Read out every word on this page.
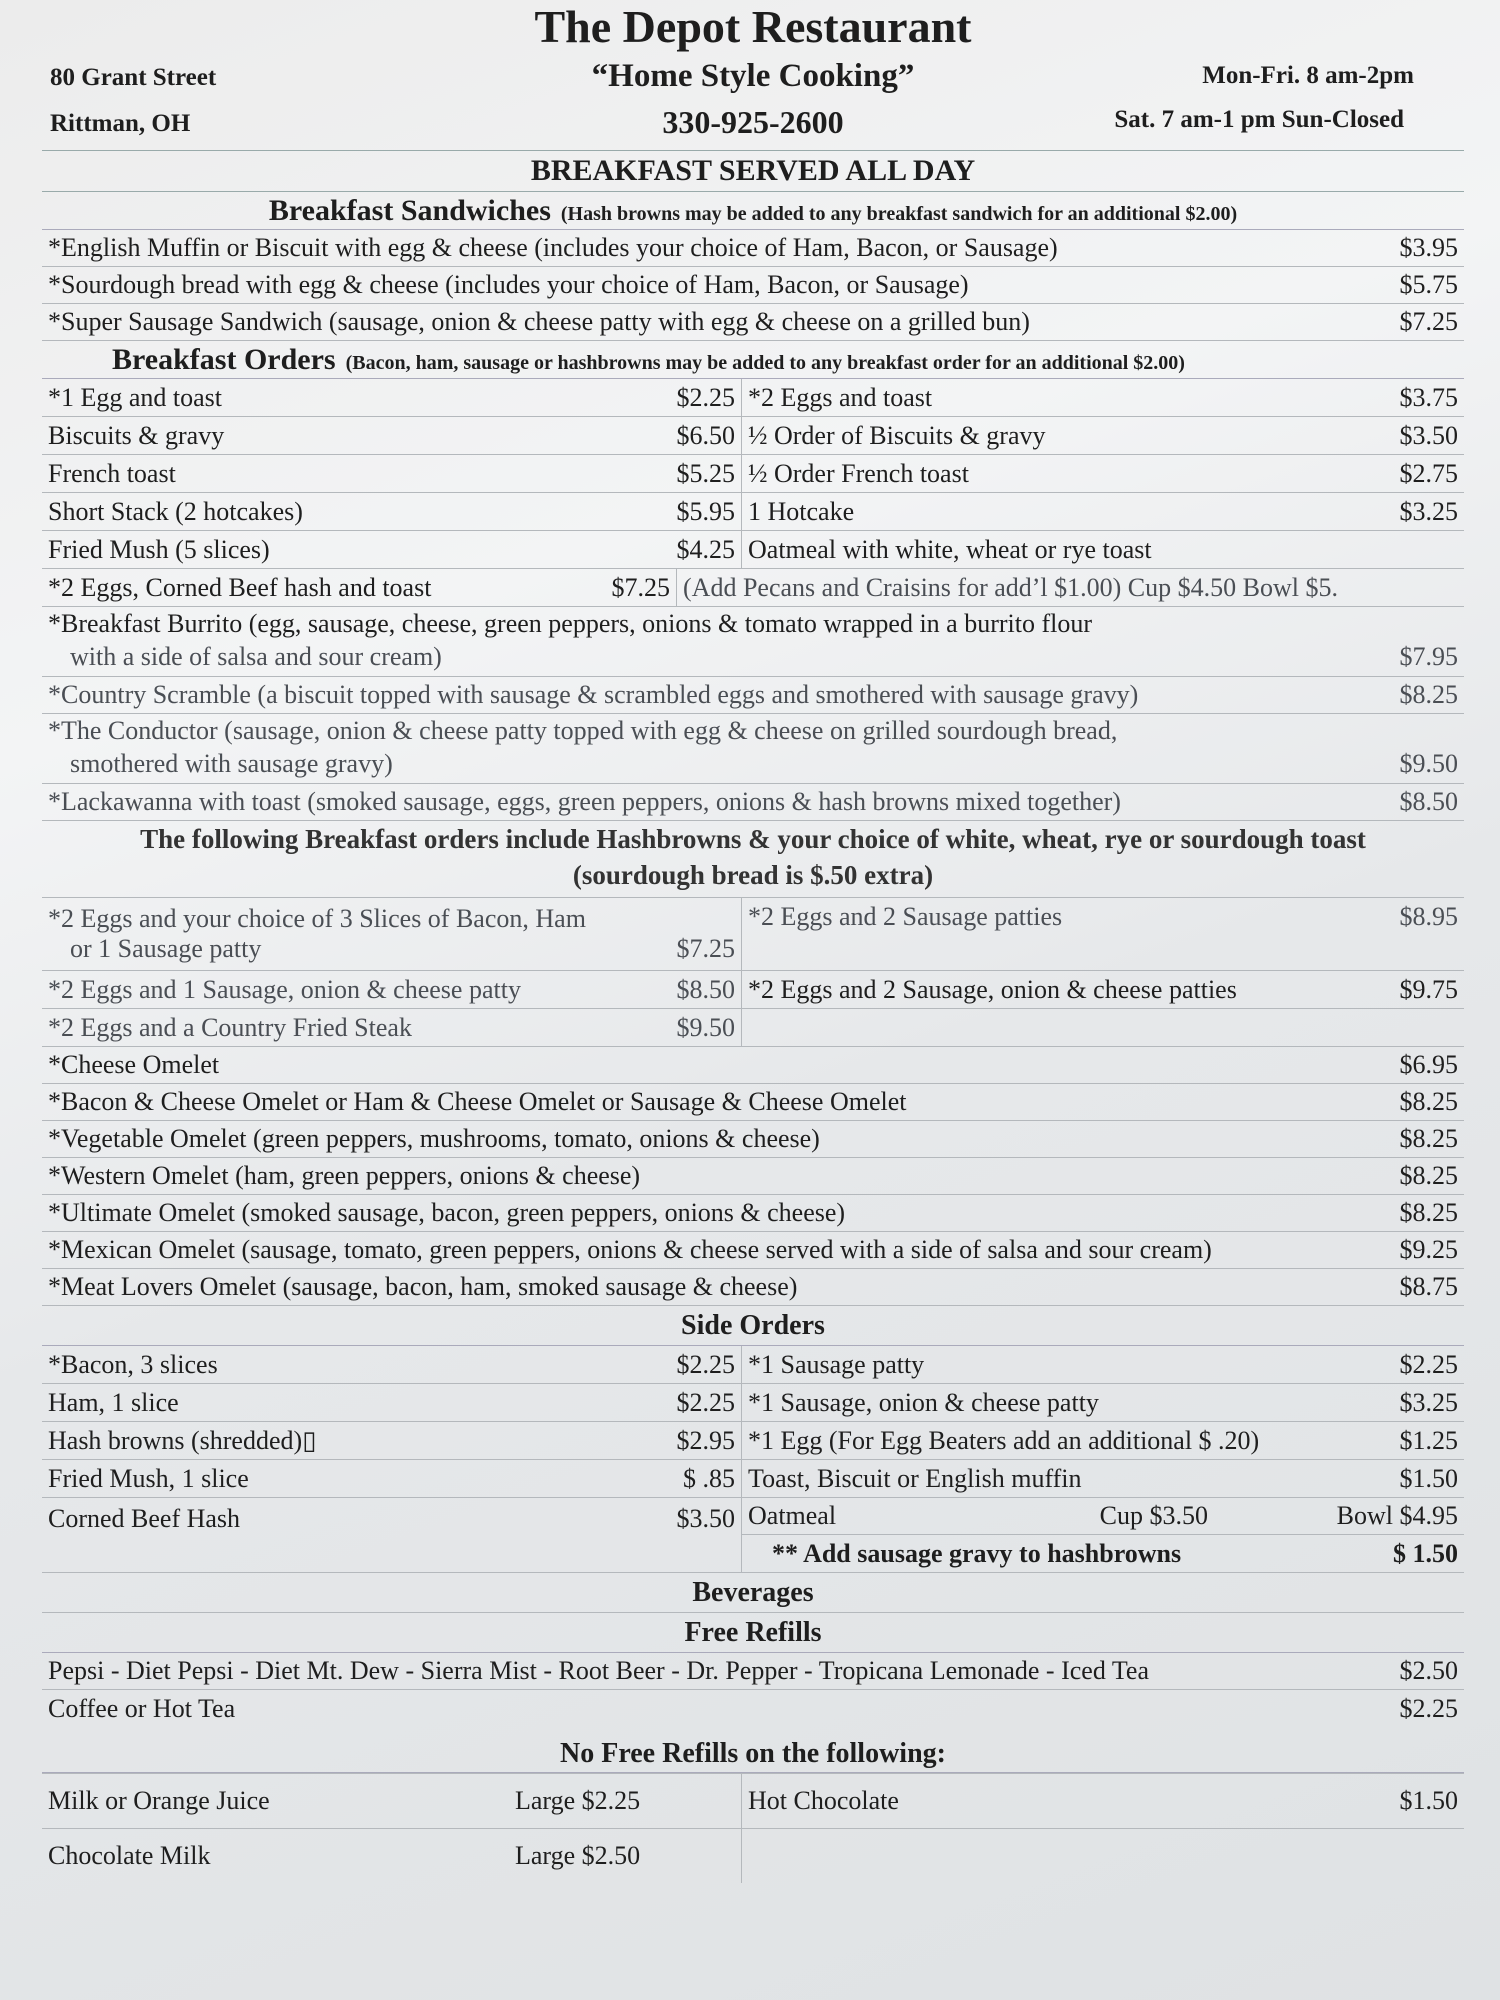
The Depot Restaurant
“Home Style Cooking”
330-925-2600
80 Grant Street
Rittman, OH
Mon-Fri. 8 am-2pm
Sat. 7 am-1 pm Sun-Closed
BREAKFAST SERVED ALL DAY
Breakfast Sandwiches (Hash browns may be added to any breakfast sandwich for an additional $2.00)
*English Muffin or Biscuit with egg & cheese (includes your choice of Ham, Bacon, or Sausage)	$3.95
*Sourdough bread with egg & cheese (includes your choice of Ham, Bacon, or Sausage)	$5.75
*Super Sausage Sandwich (sausage, onion & cheese patty with egg & cheese on a grilled bun)	$7.25
Breakfast Orders (Bacon, ham, sausage or hashbrowns may be added to any breakfast order for an additional $2.00)
*1 Egg and toast	$2.25 *2 Eggs and toast	$3.75
Biscuits & gravy	$6.50 ½ Order of Biscuits & gravy	$3.50
French toast	$5.25 ½ Order French toast	$2.75
Short Stack (2 hotcakes)	$5.95 1 Hotcake	$3.25
Fried Mush (5 slices)	$4.25 Oatmeal with white, wheat or rye toast
*2 Eggs, Corned Beef hash and toast	$7.25 (Add Pecans and Craisins for add’l $1.00) Cup $4.50 Bowl $5.
*Breakfast Burrito (egg, sausage, cheese, green peppers, onions & tomato wrapped in a burrito flour
with a side of salsa and sour cream)	$7.95
*Country Scramble (a biscuit topped with sausage & scrambled eggs and smothered with sausage gravy)	$8.25
*The Conductor (sausage, onion & cheese patty topped with egg & cheese on grilled sourdough bread,
smothered with sausage gravy)	$9.50
*Lackawanna with toast (smoked sausage, eggs, green peppers, onions & hash browns mixed together)	$8.50
The following Breakfast orders include Hashbrowns & your choice of white, wheat, rye or sourdough toast
(sourdough bread is $.50 extra)
*2 Eggs and your choice of 3 Slices of Bacon, Ham
or 1 Sausage patty	$7.25
*2 Eggs and 2 Sausage patties	$8.95
*2 Eggs and 1 Sausage, onion & cheese patty	$8.50 *2 Eggs and 2 Sausage, onion & cheese patties	$9.75
*2 Eggs and a Country Fried Steak	$9.50
*Cheese Omelet	$6.95
*Bacon & Cheese Omelet or Ham & Cheese Omelet or Sausage & Cheese Omelet	$8.25
*Vegetable Omelet (green peppers, mushrooms, tomato, onions & cheese)	$8.25
*Western Omelet (ham, green peppers, onions & cheese)	$8.25
*Ultimate Omelet (smoked sausage, bacon, green peppers, onions & cheese)	$8.25
*Mexican Omelet (sausage, tomato, green peppers, onions & cheese served with a side of salsa and sour cream)	$9.25
*Meat Lovers Omelet (sausage, bacon, ham, smoked sausage & cheese)	$8.75
Side Orders
*Bacon, 3 slices	$2.25 *1 Sausage patty	$2.25
Ham, 1 slice	$2.25 *1 Sausage, onion & cheese patty	$3.25
Hash browns (shredded)▯	$2.95 *1 Egg (For Egg Beaters add an additional $ .20)	$1.25
Fried Mush, 1 slice	$ .85 Toast, Biscuit or English muffin	$1.50
Corned Beef Hash	$3.50 Oatmeal	Cup $3.50	Bowl $4.95
** Add sausage gravy to hashbrowns	$ 1.50
Beverages
Free Refills
Pepsi - Diet Pepsi - Diet Mt. Dew - Sierra Mist - Root Beer - Dr. Pepper - Tropicana Lemonade - Iced Tea	$2.50
Coffee or Hot Tea	$2.25
No Free Refills on the following:
Milk or Orange Juice	Large $2.25	Hot Chocolate	$1.50
Chocolate Milk	Large $2.50
